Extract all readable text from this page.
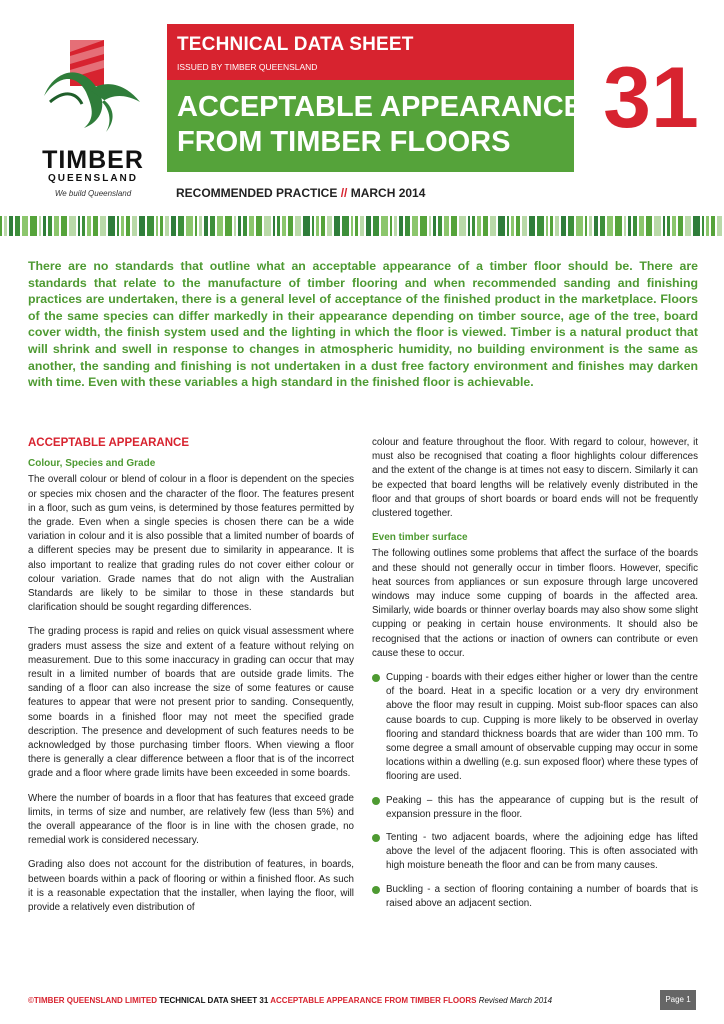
TIMBER
QUEENSLAND
We build Queensland
TECHNICAL DATA SHEET
ISSUED BY TIMBER QUEENSLAND
ACCEPTABLE APPEARANCE
FROM TIMBER FLOORS	31
RECOMMENDED PRACTICE // MARCH 2014

There are no standards that outline what an acceptable appearance of a timber floor should be. There are standards that relate to the manufacture of timber flooring and when recommended sanding and finishing practices are undertaken, there is a general level of acceptance of the finished product in the marketplace. Floors of the same species can differ markedly in their appearance depending on timber source, age of the tree, board cover width, the finish system used and the lighting in which the floor is viewed. Timber is a natural product that will shrink and swell in response to changes in atmospheric humidity, no building environment is the same as another, the sanding and finishing is not undertaken in a dust free factory environment and finishes may darken with time. Even with these variables a high standard in the finished floor is achievable.

ACCEPTABLE APPEARANCE
Colour, Species and Grade

The overall colour or blend of colour in a floor is dependent on the species or species mix chosen and the character of the floor. The features present in a floor, such as gum veins, is determined by those features permitted by the grade. Even when a single species is chosen there can be a wide variation in colour and it is also possible that a limited number of boards of a different species may be present due to similarity in appearance. It is also important to realize that grading rules do not cover either colour or colour variation. Grade names that do not align with the Australian Standards are likely to be similar to those in these standards but clarification should be sought regarding differences.

The grading process is rapid and relies on quick visual assessment where graders must assess the size and extent of a feature without relying on measurement. Due to this some inaccuracy in grading can occur that may result in a limited number of boards that are outside grade limits. The sanding of a floor can also increase the size of some features or cause features to appear that were not present prior to sanding. Consequently, some boards in a finished floor may not meet the specified grade description. The presence and development of such features needs to be acknowledged by those purchasing timber floors. When viewing a floor there is generally a clear difference between a floor that is of the incorrect grade and a floor where grade limits have been exceeded in some boards.

Where the number of boards in a floor that has features that exceed grade limits, in terms of size and number, are relatively few (less than 5%) and the overall appearance of the floor is in line with the chosen grade, no remedial work is considered necessary.

Grading also does not account for the distribution of features, in boards, between boards within a pack of flooring or within a finished floor. As such it is a reasonable expectation that the installer, when laying the floor, will provide a relatively even distribution of

colour and feature throughout the floor. With regard to colour, however, it must also be recognised that coating a floor highlights colour differences and the extent of the change is at times not easy to discern. Similarly it can be expected that board lengths will be relatively evenly distributed in the floor and that groups of short boards or board ends will not be frequently clustered together.

Even timber surface

The following outlines some problems that affect the surface of the boards and these should not generally occur in timber floors. However, specific heat sources from appliances or sun exposure through large uncovered windows may induce some cupping of boards in the affected area. Similarly, wide boards or thinner overlay boards may also show some slight cupping or peaking in certain house environments. It should also be recognised that the actions or inaction of owners can contribute or even cause these to occur.

Cupping - boards with their edges either higher or lower than the centre of the board. Heat in a specific location or a very dry environment above the floor may result in cupping. Moist sub-floor spaces can also cause boards to cup. Cupping is more likely to be observed in overlay flooring and standard thickness boards that are wider than 100 mm. To some degree a small amount of observable cupping may occur in some locations within a dwelling (e.g. sun exposed floor) where these types of flooring are used.
Peaking – this has the appearance of cupping but is the result of expansion pressure in the floor.
Tenting - two adjacent boards, where the adjoining edge has lifted above the level of the adjacent flooring. This is often associated with high moisture beneath the floor and can be from many causes.
Buckling - a section of flooring containing a number of boards that is raised above an adjacent section.
©TIMBER QUEENSLAND LIMITED TECHNICAL DATA SHEET 31 ACCEPTABLE APPEARANCE FROM TIMBER FLOORS Revised March 2014	Page 1
